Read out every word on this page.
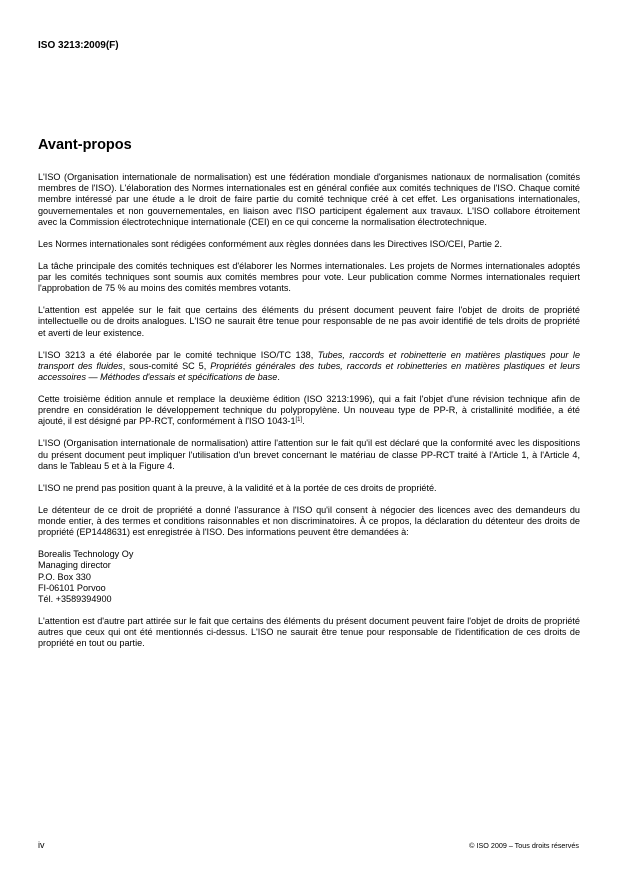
ISO 3213:2009(F)
Avant-propos

L'ISO (Organisation internationale de normalisation) est une fédération mondiale d'organismes nationaux de normalisation (comités membres de l'ISO). L'élaboration des Normes internationales est en général confiée aux comités techniques de l'ISO. Chaque comité membre intéressé par une étude a le droit de faire partie du comité technique créé à cet effet. Les organisations internationales, gouvernementales et non gouvernementales, en liaison avec l'ISO participent également aux travaux. L'ISO collabore étroitement avec la Commission électrotechnique internationale (CEI) en ce qui concerne la normalisation électrotechnique.

Les Normes internationales sont rédigées conformément aux règles données dans les Directives ISO/CEI, Partie 2.

La tâche principale des comités techniques est d'élaborer les Normes internationales. Les projets de Normes internationales adoptés par les comités techniques sont soumis aux comités membres pour vote. Leur publication comme Normes internationales requiert l'approbation de 75 % au moins des comités membres votants.

L'attention est appelée sur le fait que certains des éléments du présent document peuvent faire l'objet de droits de propriété intellectuelle ou de droits analogues. L'ISO ne saurait être tenue pour responsable de ne pas avoir identifié de tels droits de propriété et averti de leur existence.

L'ISO 3213 a été élaborée par le comité technique ISO/TC 138, Tubes, raccords et robinetterie en matières plastiques pour le transport des fluides, sous-comité SC 5, Propriétés générales des tubes, raccords et robinetteries en matières plastiques et leurs accessoires — Méthodes d'essais et spécifications de base.

Cette troisième édition annule et remplace la deuxième édition (ISO 3213:1996), qui a fait l'objet d'une révision technique afin de prendre en considération le développement technique du polypropylène. Un nouveau type de PP-R, à cristallinité modifiée, a été ajouté, il est désigné par PP-RCT, conformément à l'ISO 1043-1[1].

L'ISO (Organisation internationale de normalisation) attire l'attention sur le fait qu'il est déclaré que la conformité avec les dispositions du présent document peut impliquer l'utilisation d'un brevet concernant le matériau de classe PP-RCT traité à l'Article 1, à l'Article 4, dans le Tableau 5 et à la Figure 4.

L'ISO ne prend pas position quant à la preuve, à la validité et à la portée de ces droits de propriété.

Le détenteur de ce droit de propriété a donné l'assurance à l'ISO qu'il consent à négocier des licences avec des demandeurs du monde entier, à des termes et conditions raisonnables et non discriminatoires. À ce propos, la déclaration du détenteur des droits de propriété (EP1448631) est enregistrée à l'ISO. Des informations peuvent être demandées à:

Borealis Technology Oy
Managing director
P.O. Box 330
FI-06101 Porvoo
Tél. +3589394900

L'attention est d'autre part attirée sur le fait que certains des éléments du présent document peuvent faire l'objet de droits de propriété autres que ceux qui ont été mentionnés ci-dessus. L'ISO ne saurait être tenue pour responsable de l'identification de ces droits de propriété en tout ou partie.

iv	© ISO 2009 – Tous droits réservés
